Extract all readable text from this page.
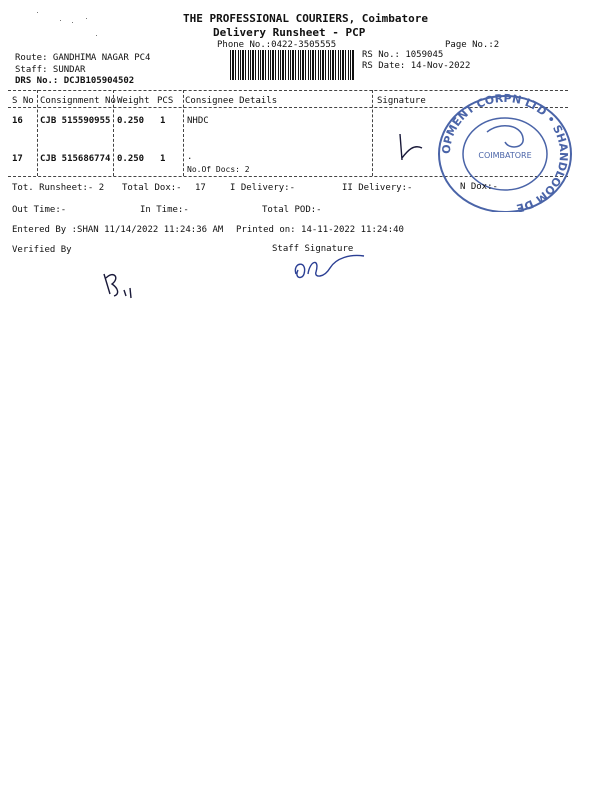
THE PROFESSIONAL COURIERS, Coimbatore
Delivery Runsheet - PCP
Phone No.:0422-3505555	Page No.:2
Route: GANDHIMA NAGAR PC4
Staff: SUNDAR
DRS No.: DCJB105904502
RS No.: 1059045
RS Date: 14-Nov-2022
S No Consignment No Weight PCS Consignee Details	Signature
16 CJB 515590955 0.250 1 NHDC
17 CJB 515686774 0.250 1 .
No.Of Docs: 2
Tot. Runsheet:- 2 Total Dox:- 17	I Delivery:-	II Delivery:-
Out Time:-	In Time:-	Total POD:-
Entered By :SHAN 11/14/2022 11:24:36 AM Printed on: 14-11-2022 11:24:40
Verified By	Staff Signature
OPMENT CORPN LTD • SHANDLOOM DE
COIMBATORE
N Dox:-
